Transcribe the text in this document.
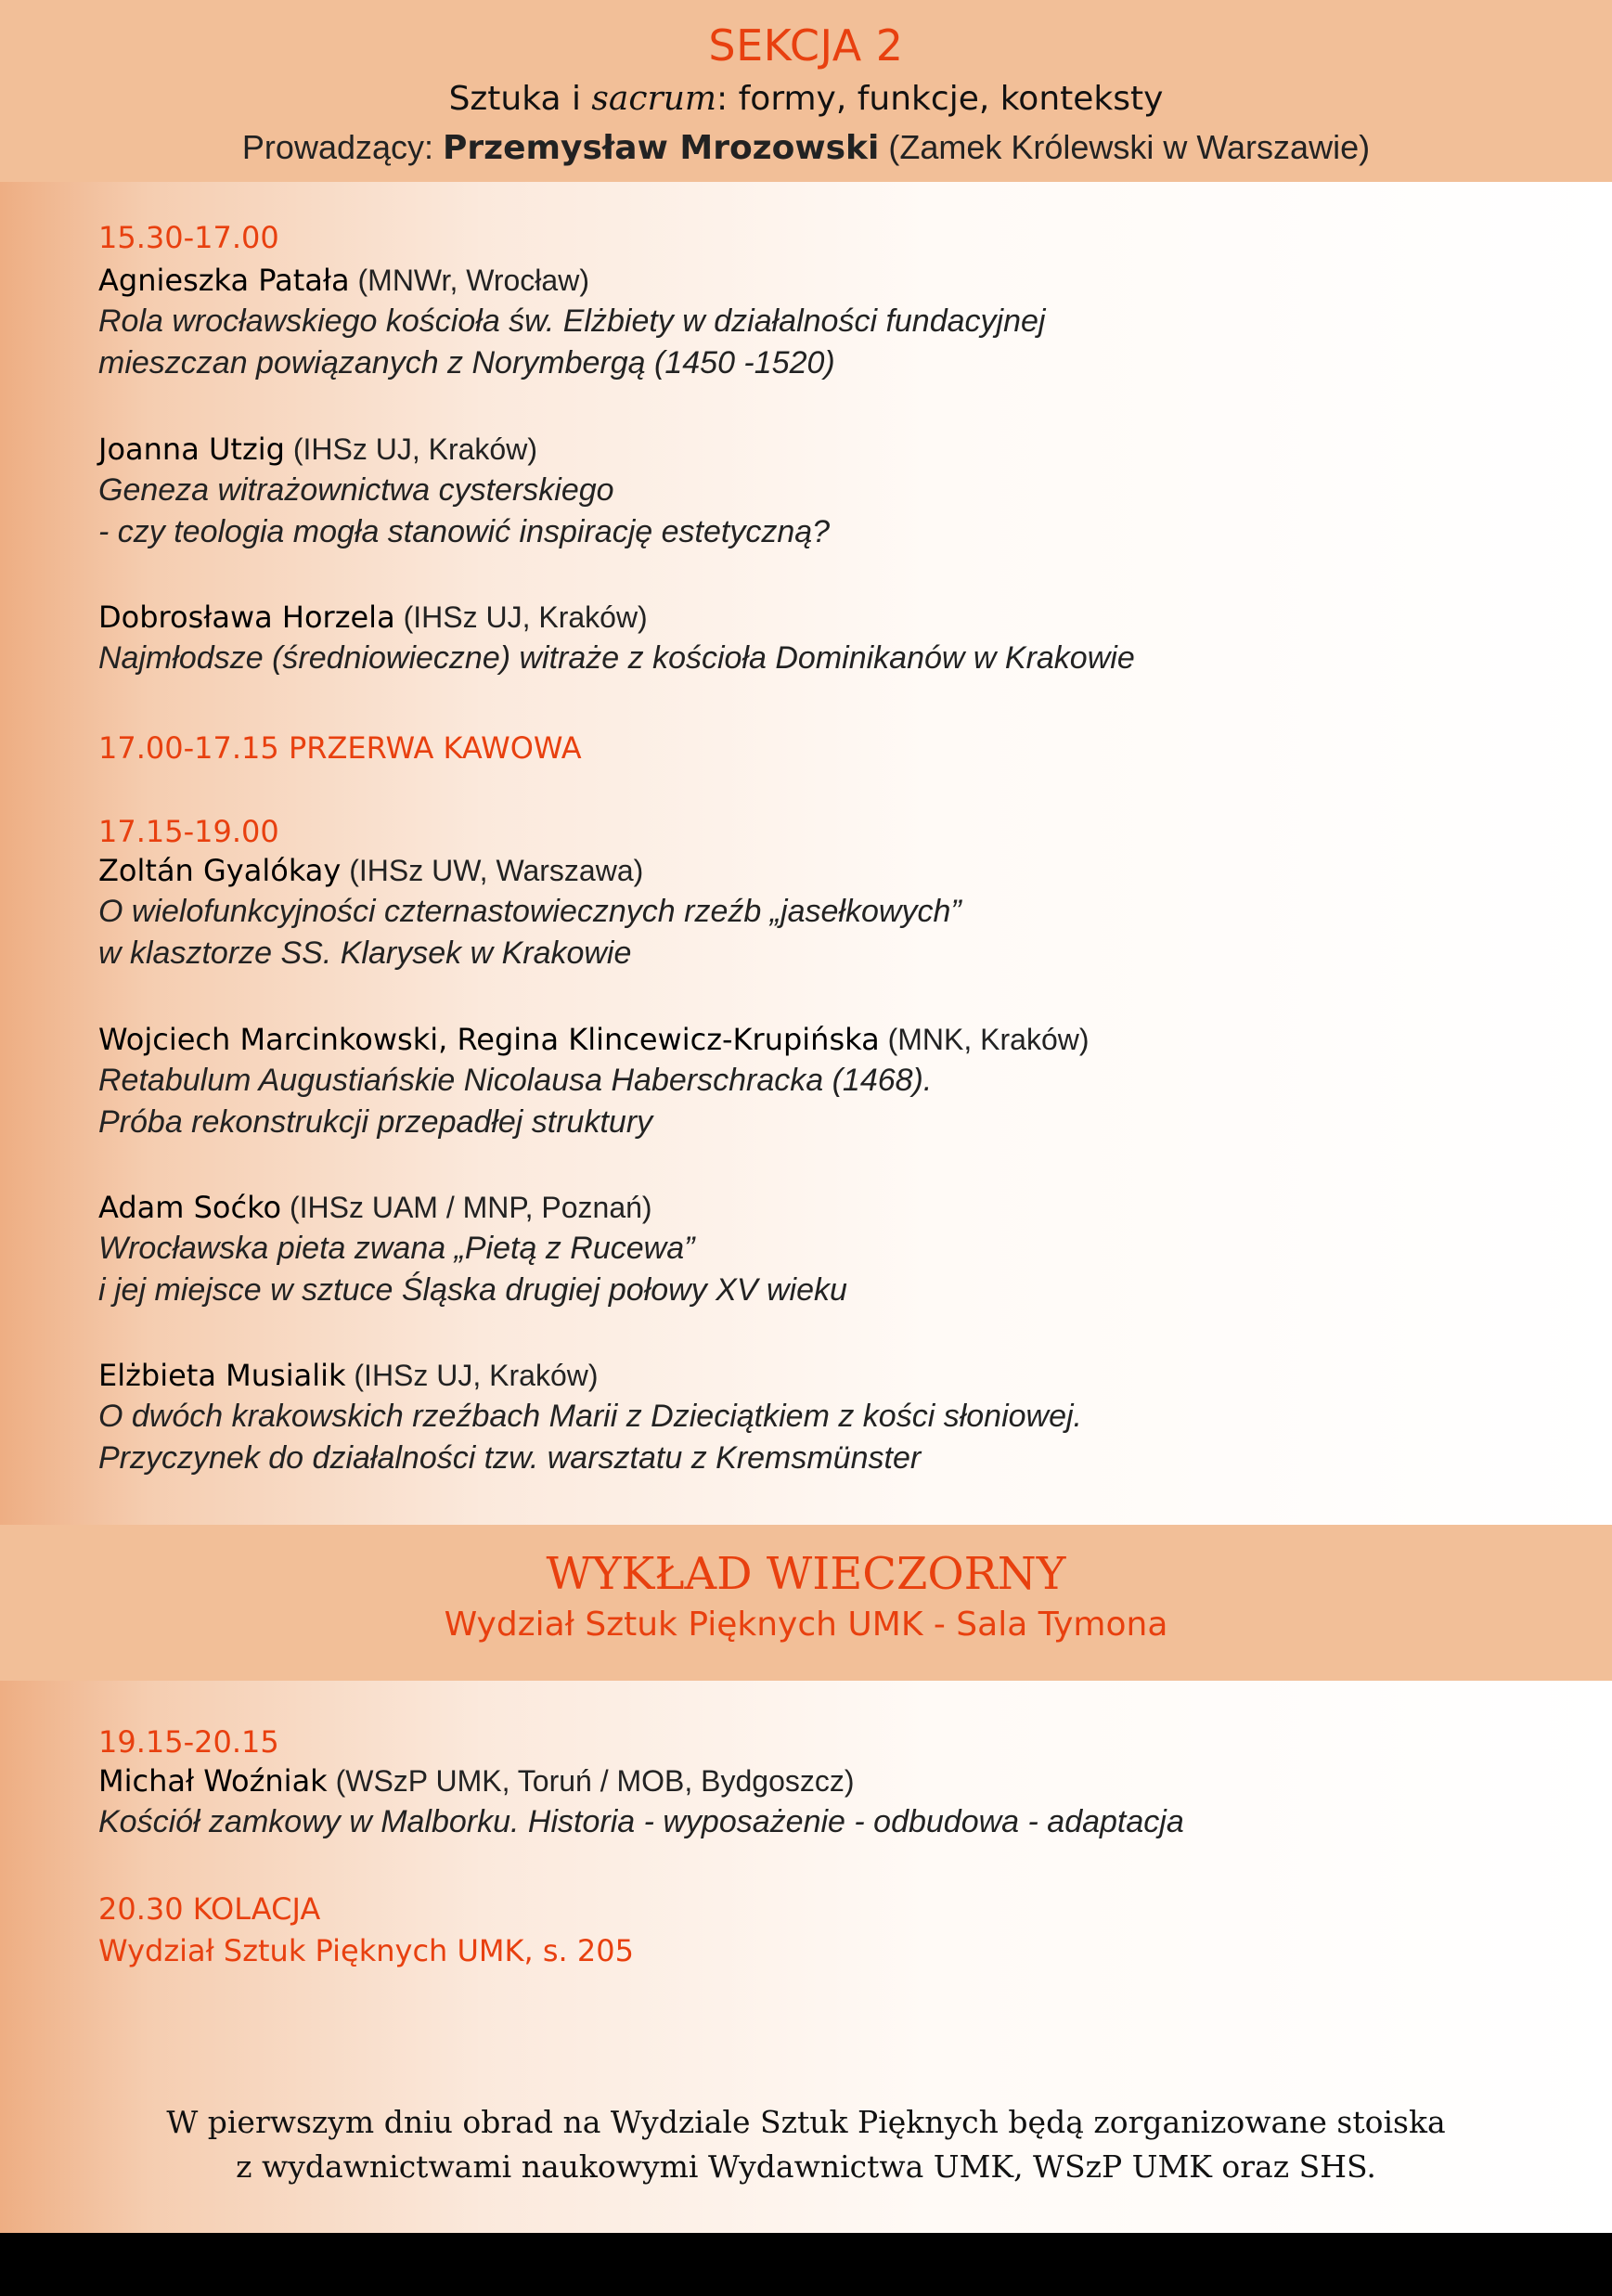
SEKCJA 2
Sztuka i sacrum: formy, funkcje, konteksty
Prowadzący: Przemysław Mrozowski (Zamek Królewski w Warszawie)
15.30-17.00
Agnieszka Patała (MNWr, Wrocław)
Rola wrocławskiego kościoła św. Elżbiety w działalności fundacyjnej
mieszczan powiązanych z Norymbergą (1450 -1520)
Joanna Utzig (IHSz UJ, Kraków)
Geneza witrażownictwa cysterskiego
- czy teologia mogła stanowić inspirację estetyczną?
Dobrosława Horzela (IHSz UJ, Kraków)
Najmłodsze (średniowieczne) witraże z kościoła Dominikanów w Krakowie
17.00-17.15 PRZERWA KAWOWA
17.15-19.00
Zoltán Gyalókay (IHSz UW, Warszawa)
O wielofunkcyjności czternastowiecznych rzeźb „jasełkowych”
w klasztorze SS. Klarysek w Krakowie
Wojciech Marcinkowski, Regina Klincewicz-Krupińska (MNK, Kraków)
Retabulum Augustiańskie Nicolausa Haberschracka (1468).
Próba rekonstrukcji przepadłej struktury
Adam Soćko (IHSz UAM / MNP, Poznań)
Wrocławska pieta zwana „Pietą z Rucewa”
i jej miejsce w sztuce Śląska drugiej połowy XV wieku
Elżbieta Musialik (IHSz UJ, Kraków)
O dwóch krakowskich rzeźbach Marii z Dzieciątkiem z kości słoniowej.
Przyczynek do działalności tzw. warsztatu z Kremsmünster
WYKŁAD WIECZORNY
Wydział Sztuk Pięknych UMK - Sala Tymona
19.15-20.15
Michał Woźniak (WSzP UMK, Toruń / MOB, Bydgoszcz)
Kościół zamkowy w Malborku. Historia - wyposażenie - odbudowa - adaptacja
20.30 KOLACJA
Wydział Sztuk Pięknych UMK, s. 205
W pierwszym dniu obrad na Wydziale Sztuk Pięknych będą zorganizowane stoiska
z wydawnictwami naukowymi Wydawnictwa UMK, WSzP UMK oraz SHS.
